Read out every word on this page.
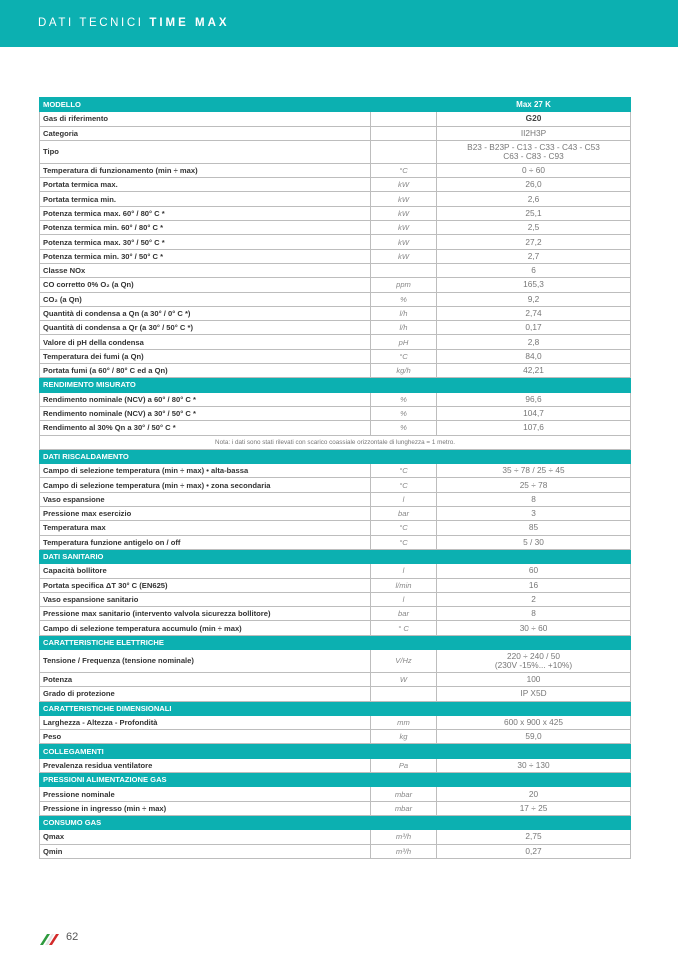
DATI TECNICI TIME MAX
MODELLO		Max 27 K
Gas di riferimento		G20

Categoria		II2H3P

Tipo		B23 - B23P - C13 - C33 - C43 - C53
C63 - C83 - C93

Temperatura di funzionamento (min ÷ max)	°C	0 ÷ 60

Portata termica max.	kW	26,0

Portata termica min.	kW	2,6

Potenza termica max. 60° / 80° C *	kW	25,1

Potenza termica min. 60° / 80° C *	kW	2,5

Potenza termica max. 30° / 50° C *	kW	27,2

Potenza termica min. 30° / 50° C *	kW	2,7

Classe NOx		6

CO corretto 0% O₂ (a Qn)	ppm	165,3

CO₂ (a Qn)	%	9,2

Quantità di condensa a Qn (a 30° / 0° C *)	l/h	2,74

Quantità di condensa a Qr (a 30° / 50° C *)	l/h	0,17

Valore di pH della condensa	pH	2,8

Temperatura dei fumi (a Qn)	°C	84,0

Portata fumi (a 60° / 80° C ed a Qn)	kg/h	42,21

RENDIMENTO MISURATO		
Rendimento nominale (NCV) a 60° / 80° C *	%	96,6

Rendimento nominale (NCV) a 30° / 50° C *	%	104,7

Rendimento al 30% Qn a 30° / 50° C *	%	107,6

Nota: i dati sono stati rilevati con scarico coassiale orizzontale di lunghezza = 1 metro.		
DATI RISCALDAMENTO		
Campo di selezione temperatura (min ÷ max) • alta-bassa	°C	35 ÷ 78 / 25 ÷ 45

Campo di selezione temperatura (min ÷ max) • zona secondaria	°C	25 ÷ 78

Vaso espansione	l	8

Pressione max esercizio	bar	3

Temperatura max	°C	85

Temperatura funzione antigelo on / off	°C	5 / 30

DATI SANITARIO		
Capacità bollitore	l	60

Portata specifica ΔT 30° C (EN625)	l/min	16

Vaso espansione sanitario	l	2

Pressione max sanitario (intervento valvola sicurezza bollitore)	bar	8

Campo di selezione temperatura accumulo (min ÷ max)	° C	30 ÷ 60

CARATTERISTICHE ELETTRICHE		
Tensione / Frequenza (tensione nominale)	V/Hz	220 ÷ 240 / 50
(230V -15%... +10%)

Potenza	W	100

Grado di protezione		IP X5D

CARATTERISTICHE DIMENSIONALI		
Larghezza - Altezza - Profondità	mm	600 x 900 x 425

Peso	kg	59,0

COLLEGAMENTI		
Prevalenza residua ventilatore	Pa	30 ÷ 130

PRESSIONI ALIMENTAZIONE GAS		
Pressione nominale	mbar	20

Pressione in ingresso (min ÷ max)	mbar	17 ÷ 25

CONSUMO GAS		
Qmax	m³/h	2,75

Qmin	m³/h	0,27
62
